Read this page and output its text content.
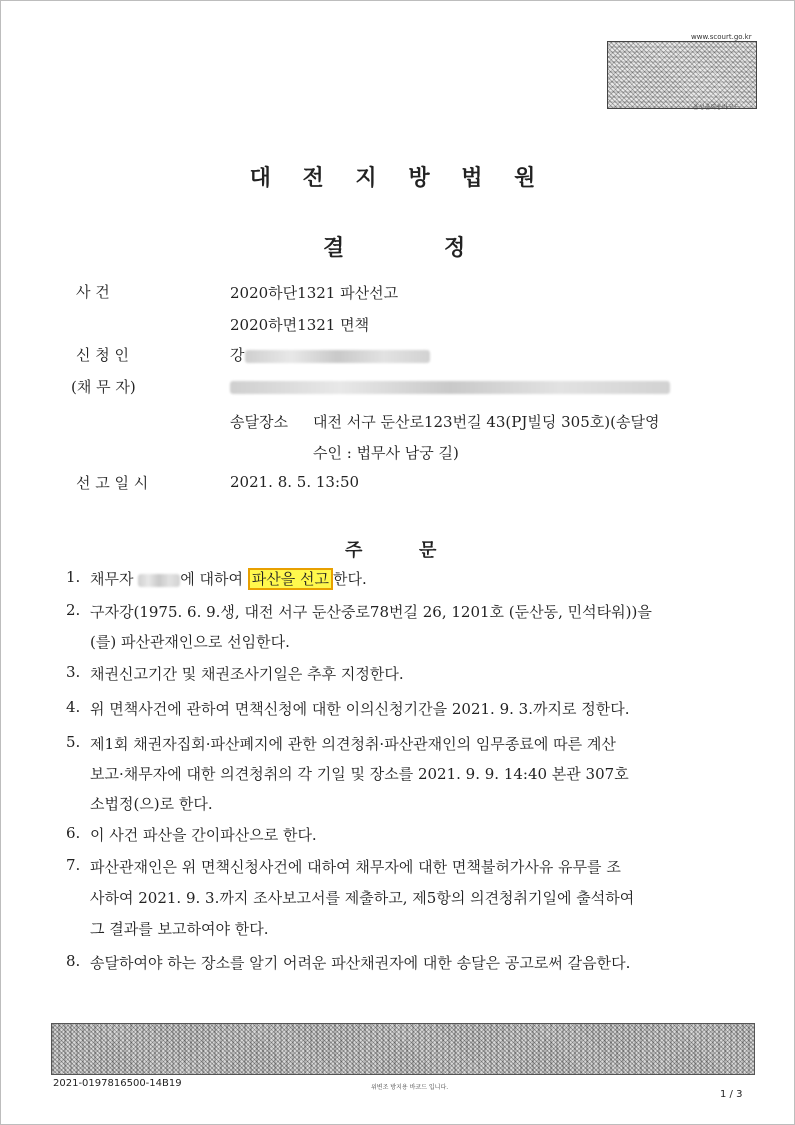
www.scourt.go.kr
음성출력용바코드
대 전 지 방 법 원
결	정
사 건	2020하단1321 파산선고
2020하면1321 면책
신 청 인	강
(채 무 자)
송달장소 대전 서구 둔산로123번길 43(PJ빌딩 305호)(송달영
수인 : 법무사 남궁 길)
선 고 일 시	2021. 8. 5. 13:50
주	문
1. 채무자	에 대하여 파산을 선고 한다.
2. 구자강(1975. 6. 9.생, 대전 서구 둔산중로78번길 26, 1201호 (둔산동, 민석타워))을
(를) 파산관재인으로 선임한다.
3. 채권신고기간 및 채권조사기일은 추후 지정한다.
4. 위 면책사건에 관하여 면책신청에 대한 이의신청기간을 2021. 9. 3.까지로 정한다.
5. 제1회 채권자집회·파산폐지에 관한 의견청취·파산관재인의 임무종료에 따른 계산
보고·채무자에 대한 의견청취의 각 기일 및 장소를 2021. 9. 9. 14:40 본관 307호
소법정(으)로 한다.
6. 이 사건 파산을 간이파산으로 한다.
7. 파산관재인은 위 면책신청사건에 대하여 채무자에 대한 면책불허가사유 유무를 조
사하여 2021. 9. 3.까지 조사보고서를 제출하고, 제5항의 의견청취기일에 출석하여
그 결과를 보고하여야 한다.
8. 송달하여야 하는 장소를 알기 어려운 파산채권자에 대한 송달은 공고로써 갈음한다.
2021-0197816500-14B19	위변조 방지용 바코드 입니다.
1 / 3
